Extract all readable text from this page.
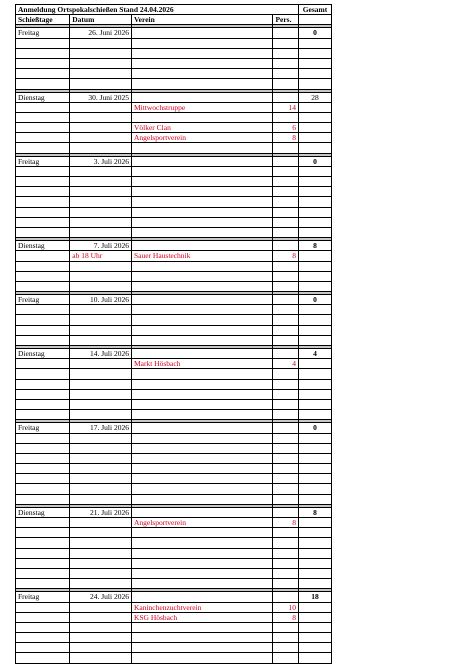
Anmeldung Ortspokalschießen Stand 24.04.2026				Gesamt
Schießtage	Datum	Verein	Pers.	

Freitag	26. Juni 2026			0

Dienstag	30. Juni 2025			28
		Mittwochstruppe	14	

		Völker Clan	6	
		Angelsportverein	8	

Freitag	3. Juli 2026			0

Dienstag	7. Juli 2026			8
	ab 18 Uhr	Sauer Haustechnik	8	

Freitag	10. Juli 2026			0

Dienstag	14. Juli 2026			4
		Markt Hösbach	4	

Freitag	17. Juli 2026			0

Dienstag	21. Juli 2026			8
		Angelsportverein	8	

Freitag	24. Juli 2026			18
		Kaninchenzuchtverein	10	
		KSG Hösbach	8	
